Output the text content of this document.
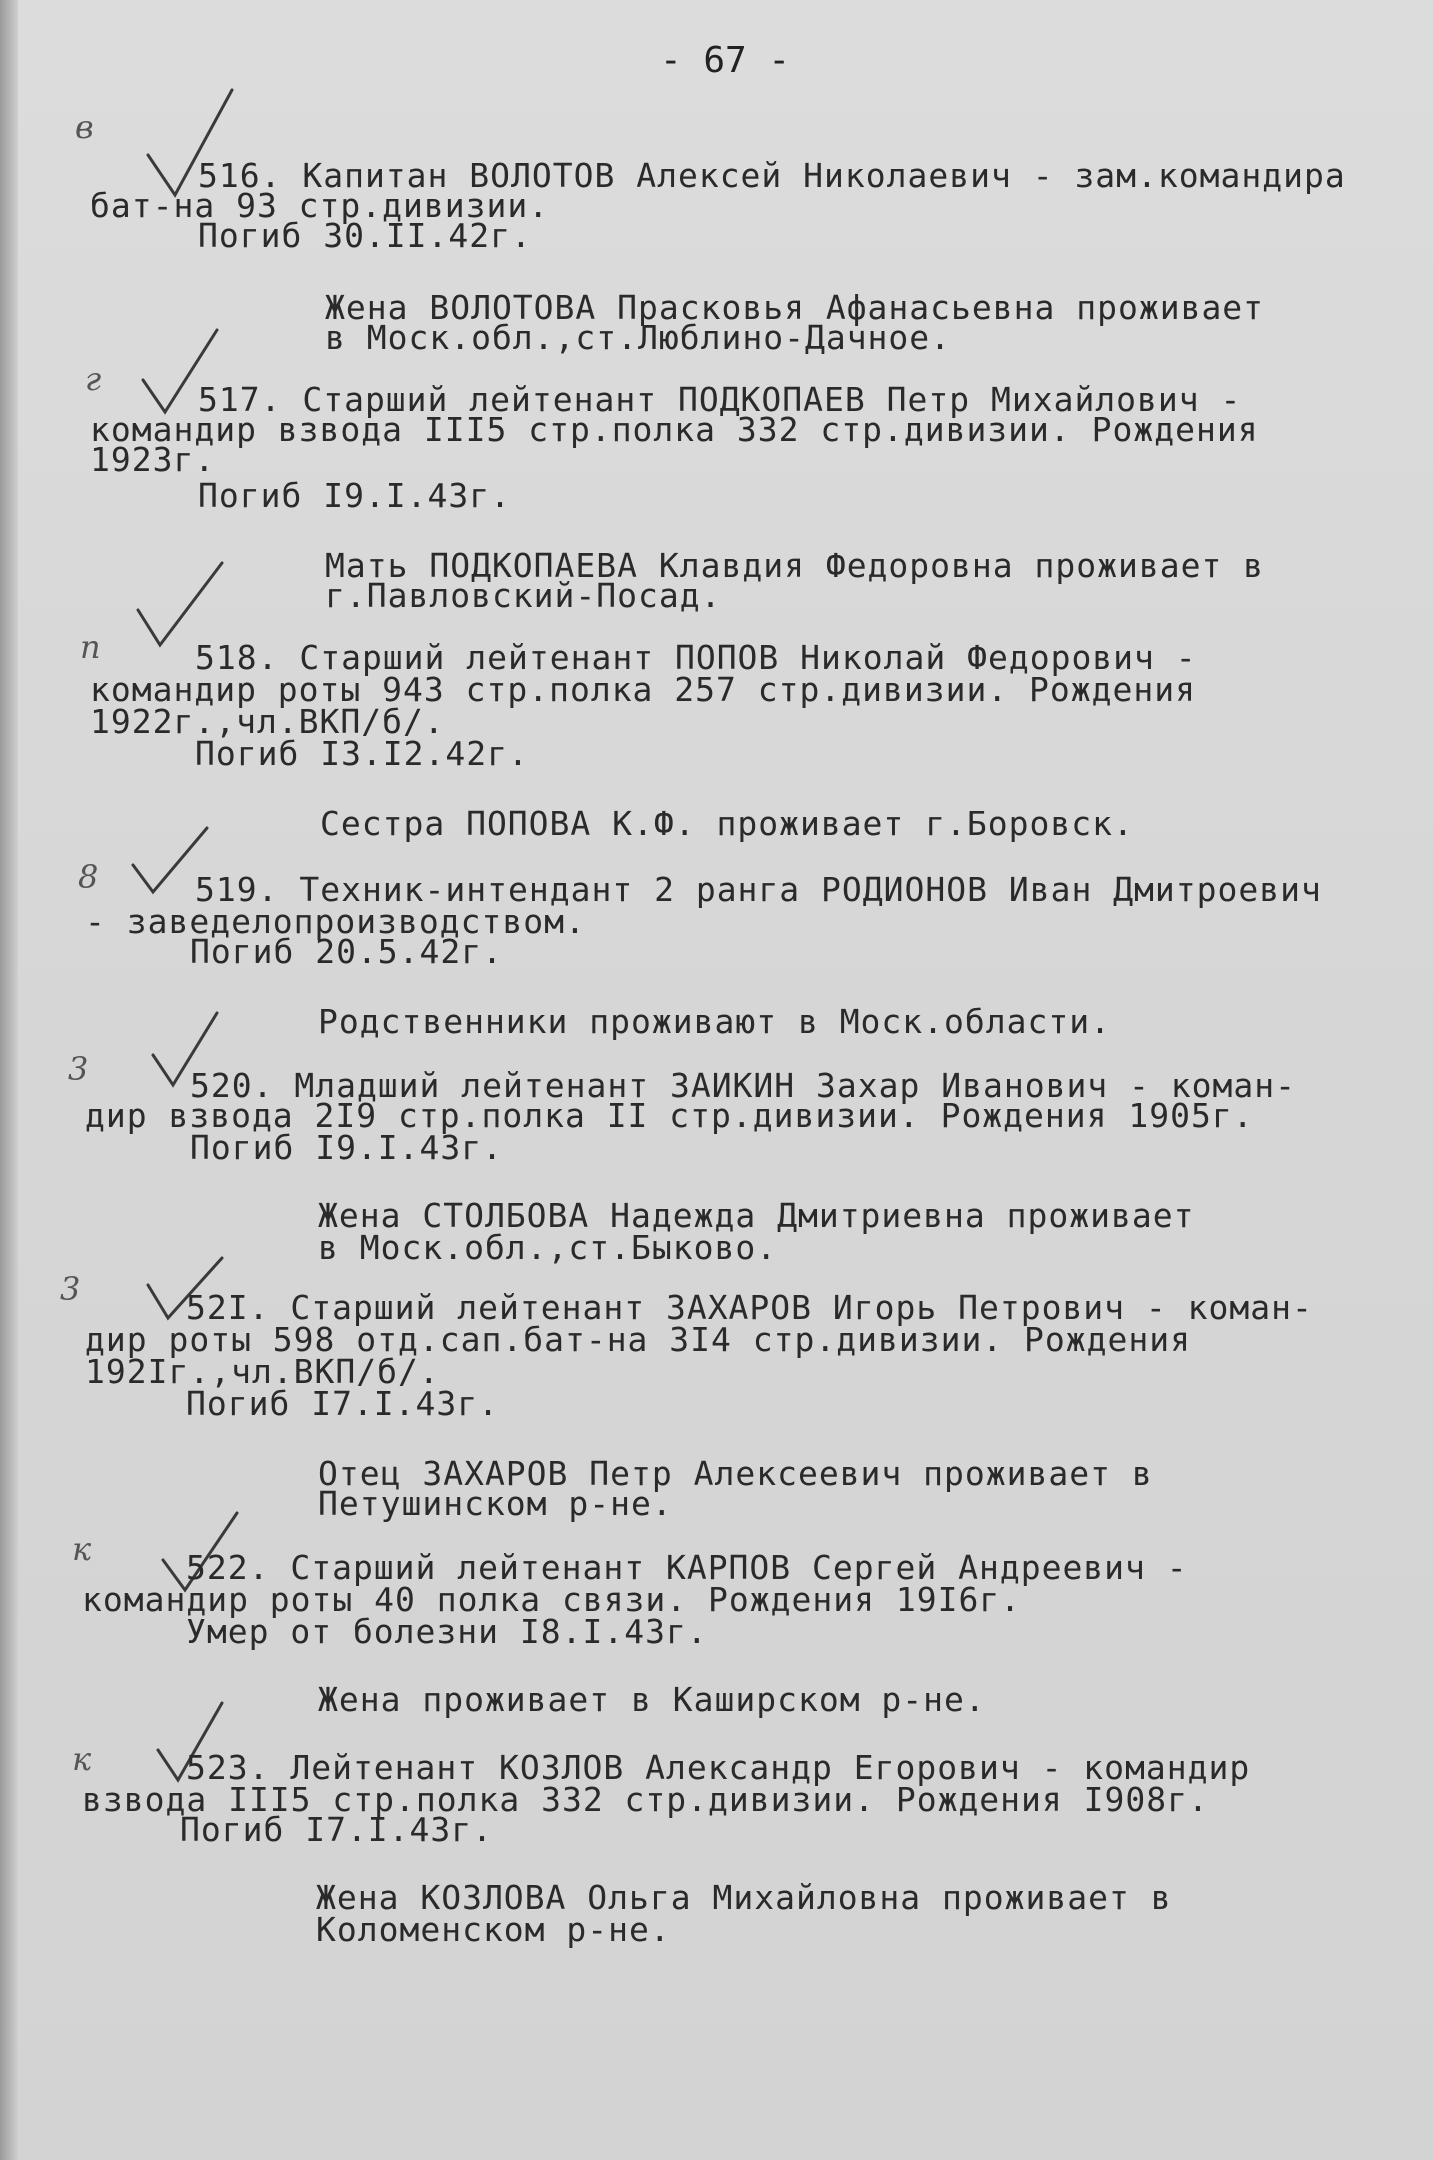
- 67 -
в
г
п
8
3
3
к
к
516. Капитан ВОЛОТОВ Алексей Николаевич - зам.командира
бат-на 93 стр.дивизии.
Погиб 30.II.42г.
Жена ВОЛОТОВА Прасковья Афанасьевна проживает
в Моск.обл.,ст.Люблино-Дачное.
517. Старший лейтенант ПОДКОПАЕВ Петр Михайлович -
командир взвода III5 стр.полка 332 стр.дивизии. Рождения
1923г.
Погиб I9.I.43г.
Мать ПОДКОПАЕВА Клавдия Федоровна проживает в
г.Павловский-Посад.
518. Старший лейтенант ПОПОВ Николай Федорович -
командир роты 943 стр.полка 257 стр.дивизии. Рождения
1922г.,чл.ВКП/б/.
Погиб I3.I2.42г.
Сестра ПОПОВА К.Ф. проживает г.Боровск.
519. Техник-интендант 2 ранга РОДИОНОВ Иван Дмитроевич
- заведелопроизводством.
Погиб 20.5.42г.
Родственники проживают в Моск.области.
520. Младший лейтенант ЗАИКИН Захар Иванович - коман-
дир взвода 2I9 стр.полка II стр.дивизии. Рождения 1905г.
Погиб I9.I.43г.
Жена СТОЛБОВА Надежда Дмитриевна проживает
в Моск.обл.,ст.Быково.
52I. Старший лейтенант ЗАХАРОВ Игорь Петрович - коман-
дир роты 598 отд.сап.бат-на 3I4 стр.дивизии. Рождения
192Iг.,чл.ВКП/б/.
Погиб I7.I.43г.
Отец ЗАХАРОВ Петр Алексеевич проживает в
Петушинском р-не.
522. Старший лейтенант КАРПОВ Сергей Андреевич -
командир роты 40 полка связи. Рождения 19I6г.
Умер от болезни I8.I.43г.
Жена проживает в Каширском р-не.
523. Лейтенант КОЗЛОВ Александр Егорович - командир
взвода III5 стр.полка 332 стр.дивизии. Рождения I908г.
Погиб I7.I.43г.
Жена КОЗЛОВА Ольга Михайловна проживает в
Коломенском р-не.
